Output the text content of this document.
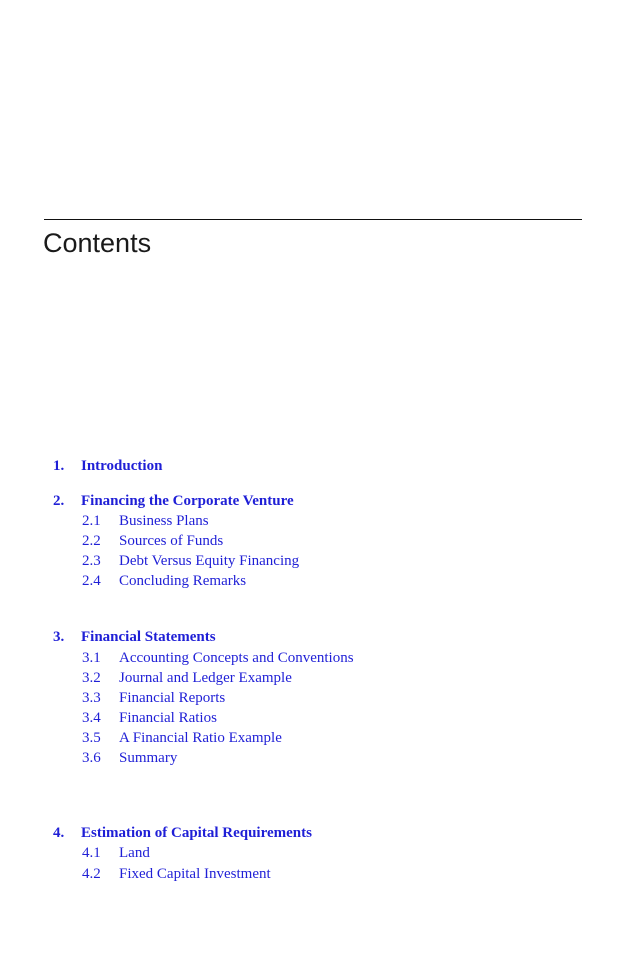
Contents
1. Introduction
2. Financing the Corporate Venture
2.1 Business Plans
2.2 Sources of Funds
2.3 Debt Versus Equity Financing
2.4 Concluding Remarks
3. Financial Statements
3.1 Accounting Concepts and Conventions
3.2 Journal and Ledger Example
3.3 Financial Reports
3.4 Financial Ratios
3.5 A Financial Ratio Example
3.6 Summary
4. Estimation of Capital Requirements
4.1 Land
4.2 Fixed Capital Investment
